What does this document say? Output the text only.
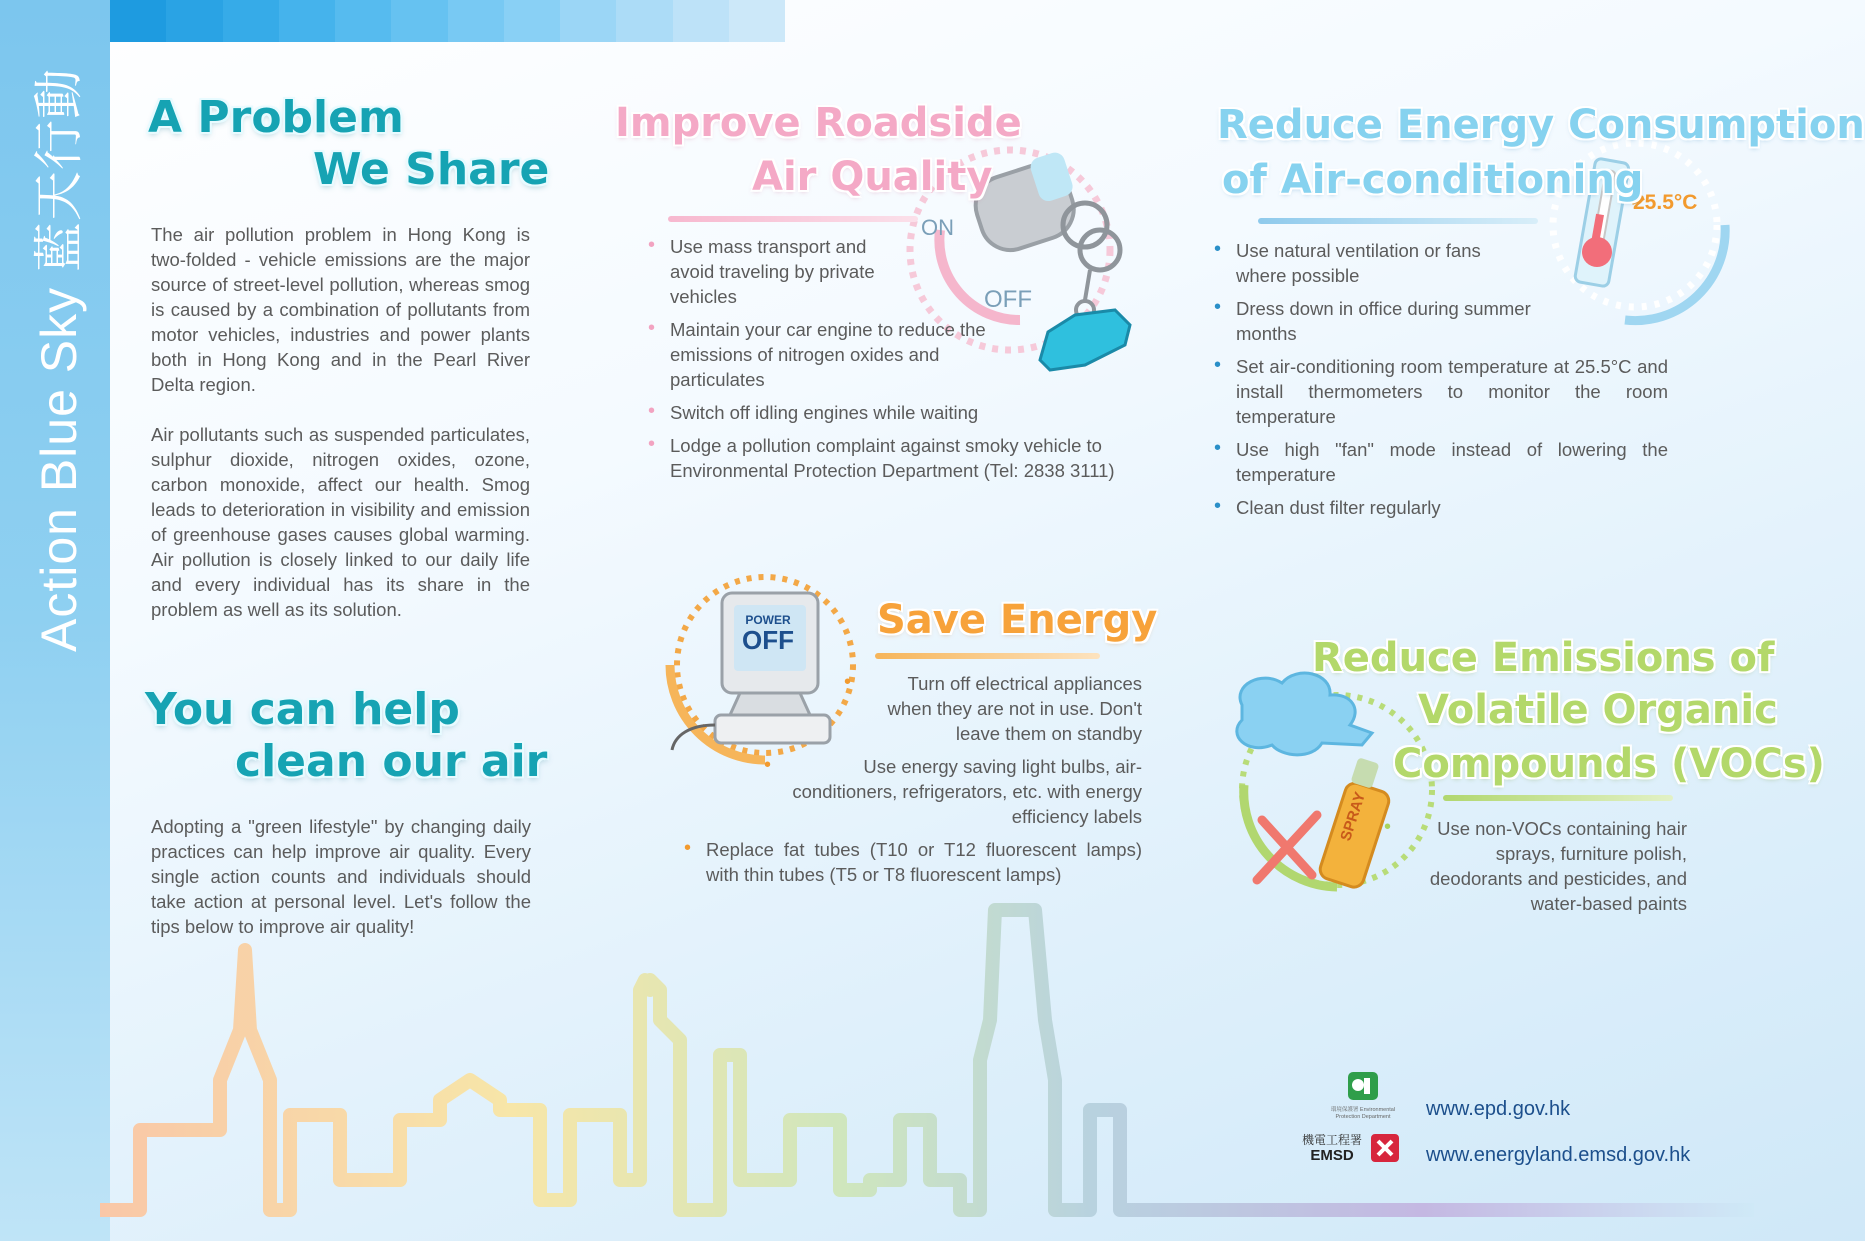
Action Blue Sky 藍天行動 A Problem
We Share
The air pollution problem in Hong Kong is two-folded - vehicle emissions are the major source of street-level pollution, whereas smog is caused by a combination of pollutants from motor vehicles, industries and power plants both in Hong Kong and in the Pearl River Delta region.
Air pollutants such as suspended particulates, sulphur dioxide, nitrogen oxides, ozone, carbon monoxide, affect our health. Smog leads to deterioration in visibility and emission of greenhouse gases causes global warming. Air pollution is closely linked to our daily life and every individual has its share in the problem as well as its solution.
You can help
clean our air
Adopting a "green lifestyle" by changing daily practices can help improve air quality. Every single action counts and individuals should take action at personal level. Let's follow the tips below to improve air quality!
ON
OFF
Improve Roadside
Air Quality
• Use mass transport and avoid traveling by private vehicles
• Maintain your car engine to reduce the emissions of nitrogen oxides and particulates
• Switch off idling engines while waiting
• Lodge a pollution complaint against smoky vehicle to Environmental Protection Department (Tel: 2838 3111)
25.5°C
Reduce Energy Consumption
of Air-conditioning
• Use natural ventilation or fans where possible
• Dress down in office during summer months
• Set air-conditioning room temperature at 25.5°C and install thermometers to monitor the room temperature
• Use high "fan" mode instead of lowering the temperature
• Clean dust filter regularly
POWER
OFF Save Energy
• Turn off electrical appliances when they are not in use. Don't leave them on standby
• Use energy saving light bulbs, air-conditioners, refrigerators, etc. with energy efficiency labels
• Replace fat tubes (T10 or T12 fluorescent lamps) with thin tubes (T5 or T8 fluorescent lamps)
SPRAY
Reduce Emissions of
Volatile Organic
Compounds (VOCs)
• Use non-VOCs containing hair sprays, furniture polish, deodorants and pesticides, and water-based paints
環境保護署 Environmental Protection Department
機電工程署
EMSD
www.epd.gov.hk
www.energyland.emsd.gov.hk
